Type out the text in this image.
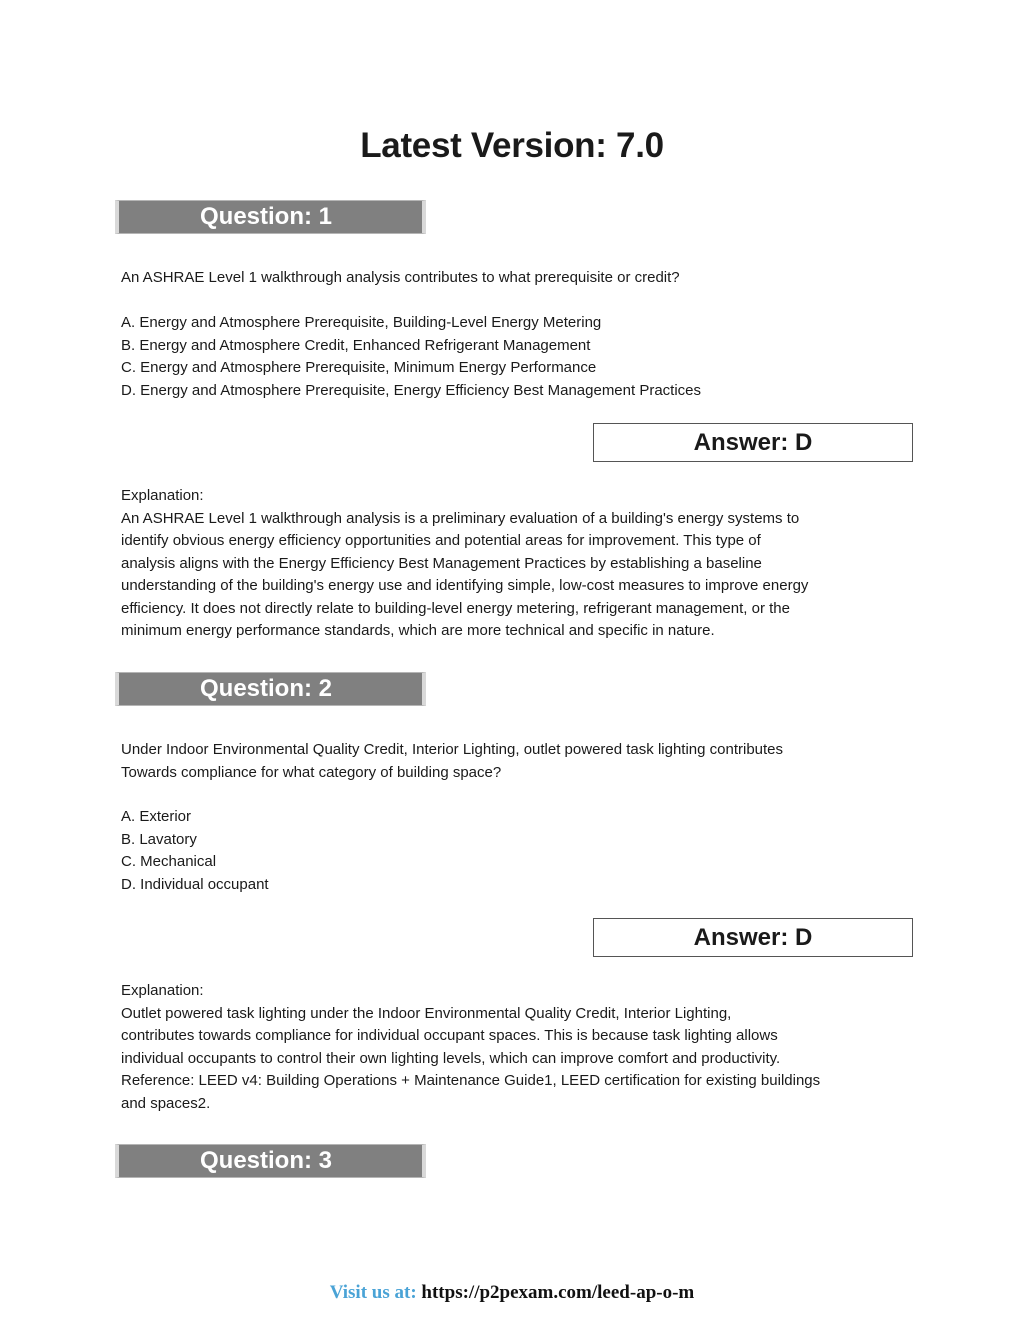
Latest Version: 7.0
Question: 1
An ASHRAE Level 1 walkthrough analysis contributes to what prerequisite or credit?
A. Energy and Atmosphere Prerequisite, Building-Level Energy Metering
B. Energy and Atmosphere Credit, Enhanced Refrigerant Management
C. Energy and Atmosphere Prerequisite, Minimum Energy Performance
D. Energy and Atmosphere Prerequisite, Energy Efficiency Best Management Practices
Answer: D
Explanation:
An ASHRAE Level 1 walkthrough analysis is a preliminary evaluation of a building's energy systems to
identify obvious energy efficiency opportunities and potential areas for improvement. This type of
analysis aligns with the Energy Efficiency Best Management Practices by establishing a baseline
understanding of the building's energy use and identifying simple, low-cost measures to improve energy
efficiency. It does not directly relate to building-level energy metering, refrigerant management, or the
minimum energy performance standards, which are more technical and specific in nature.
Question: 2
Under Indoor Environmental Quality Credit, Interior Lighting, outlet powered task lighting contributes
Towards compliance for what category of building space?
A. Exterior
B. Lavatory
C. Mechanical
D. Individual occupant
Answer: D
Explanation:
Outlet powered task lighting under the Indoor Environmental Quality Credit, Interior Lighting,
contributes towards compliance for individual occupant spaces. This is because task lighting allows
individual occupants to control their own lighting levels, which can improve comfort and productivity.
Reference: LEED v4: Building Operations + Maintenance Guide1, LEED certification for existing buildings
and spaces2.
Question: 3
Visit us at: https://p2pexam.com/leed-ap-o-m
